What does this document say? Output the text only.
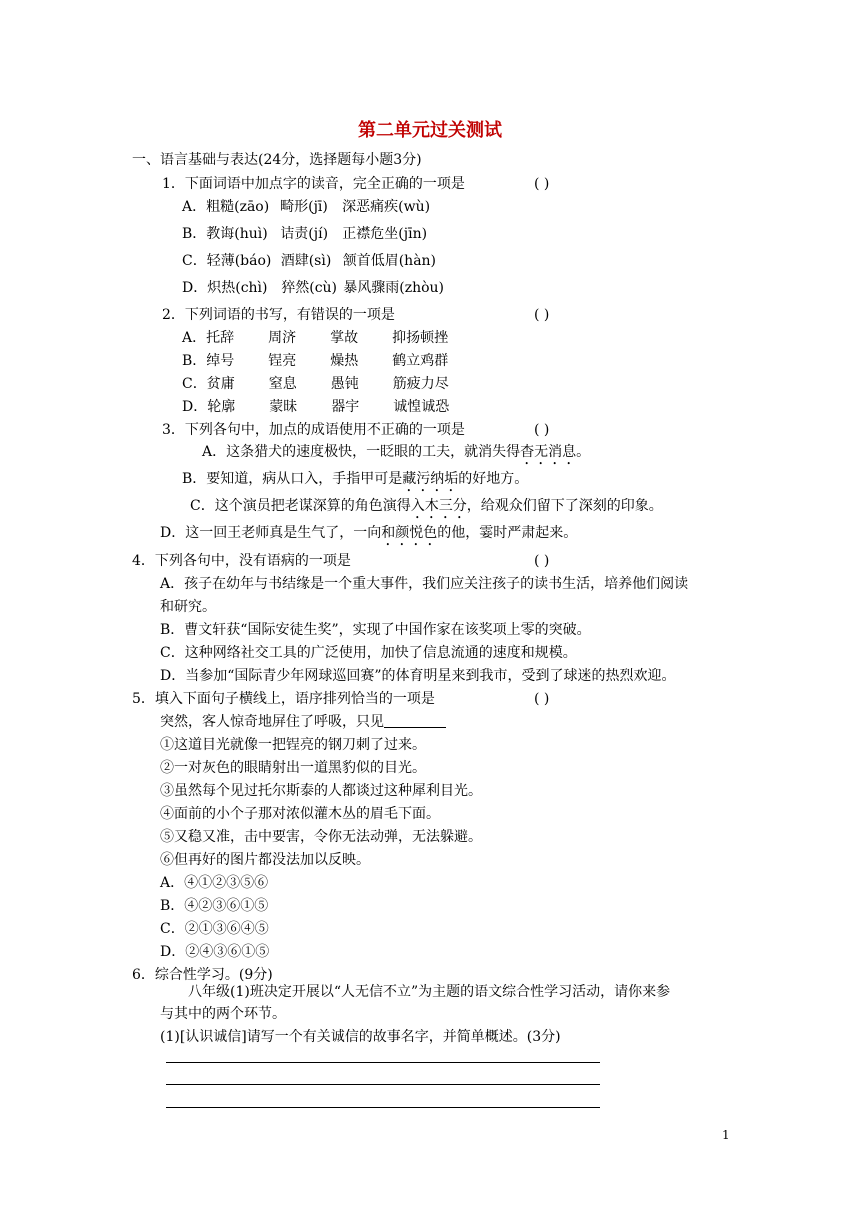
第二单元过关测试
一、语言基础与表达(24分，选择题每小题3分)
1．下面词语中加点字的读音，完全正确的一项是	( )
A．粗糙(zāo) 畸形(jī) 深恶痛疾(wù)
B．教诲(huì) 诘责(jí) 正襟危坐(jīn)
C．轻薄(báo) 酒肆(sì) 颔首低眉(hàn)
D．炽热(chì) 猝然(cù) 暴风骤雨(zhòu)
2．下列词语的书写，有错误的一项是	( )
A．托辞 周济 掌故 抑扬顿挫
B．绰号 锃亮 燥热 鹤立鸡群
C．贫庸 窒息 愚钝 筋疲力尽
D．轮廓 蒙昧 器宇 诚惶诚恐
3．下列各句中，加点的成语使用不正确的一项是	( )
A．这条猎犬的速度极快，一眨眼的工夫，就消失得杳无消息。
B．要知道，病从口入，手指甲可是藏污纳垢的好地方。
C．这个演员把老谋深算的角色演得入木三分，给观众们留下了深刻的印象。
D．这一回王老师真是生气了，一向和颜悦色的他，霎时严肃起来。
4．下列各句中，没有语病的一项是	( )
A．孩子在幼年与书结缘是一个重大事件，我们应关注孩子的读书生活，培养他们阅读
和研究。
B．曹文轩获“国际安徒生奖”，实现了中国作家在该奖项上零的突破。
C．这种网络社交工具的广泛使用，加快了信息流通的速度和规模。
D．当参加“国际青少年网球巡回赛”的体育明星来到我市，受到了球迷的热烈欢迎。
5．填入下面句子横线上，语序排列恰当的一项是	( )
突然，客人惊奇地屏住了呼吸，只见
①这道目光就像一把锃亮的钢刀刺了过来。
②一对灰色的眼睛射出一道黑豹似的目光。
③虽然每个见过托尔斯泰的人都谈过这种犀利目光。
④面前的小个子那对浓似灌木丛的眉毛下面。
⑤又稳又准，击中要害，令你无法动弹，无法躲避。
⑥但再好的图片都没法加以反映。
A．④①②③⑤⑥
B．④②③⑥①⑤
C．②①③⑥④⑤
D．②④③⑥①⑤
6．综合性学习。(9分)
八年级(1)班决定开展以“人无信不立”为主题的语文综合性学习活动，请你来参
与其中的两个环节。
(1)[认识诚信]请写一个有关诚信的故事名字，并简单概述。(3分)
1
